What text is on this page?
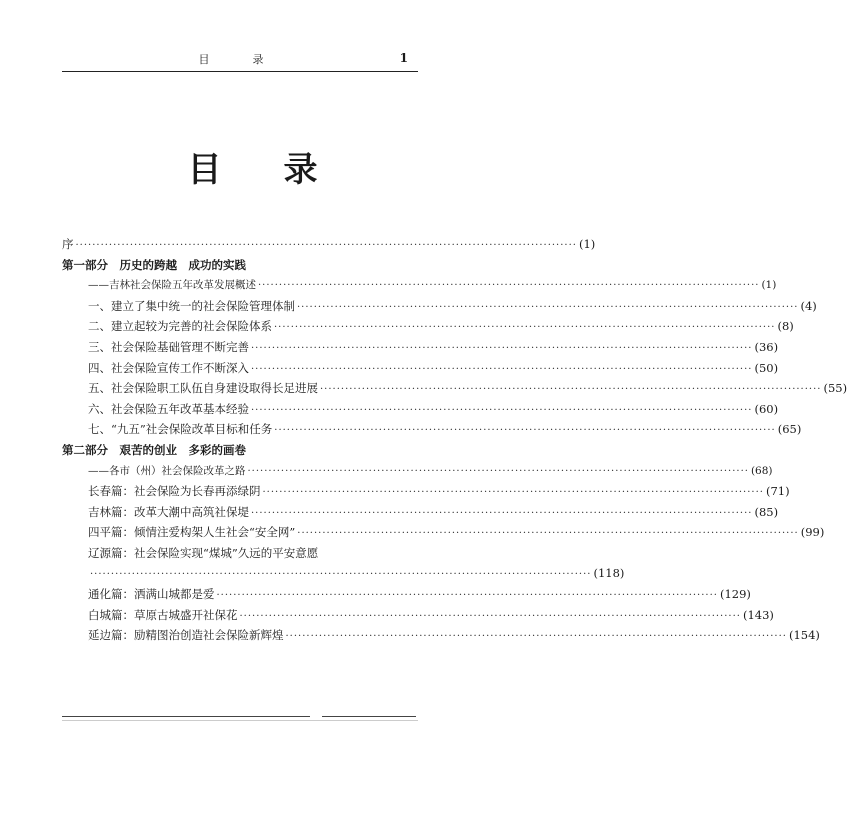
目　录	1
目录
序 ························································································································ (1)
第一部分　历史的跨越　成功的实践
——吉林社会保险五年改革发展概述 ························································································································ (1)
一、建立了集中统一的社会保险管理体制 ························································································································ (4)
二、建立起较为完善的社会保险体系 ························································································································ (8)
三、社会保险基础管理不断完善 ························································································································ (36)
四、社会保险宣传工作不断深入 ························································································································ (50)
五、社会保险职工队伍自身建设取得长足进展 ························································································································ (55)
六、社会保险五年改革基本经验 ························································································································ (60)
七、“九五”社会保险改革目标和任务 ························································································································ (65)
第二部分　艰苦的创业　多彩的画卷
——各市（州）社会保险改革之路 ························································································································ (68)
长春篇：社会保险为长春再添绿阴 ························································································································ (71)
吉林篇：改革大潮中高筑社保堤 ························································································································ (85)
四平篇：倾情注爱构架人生社会“安全网” ························································································································ (99)
辽源篇：社会保险实现“煤城”久远的平安意愿
························································································································ (118)
通化篇：洒满山城都是爱 ························································································································ (129)
白城篇：草原古城盛开社保花 ························································································································ (143)
延边篇：励精图治创造社会保险新辉煌 ························································································································ (154)
